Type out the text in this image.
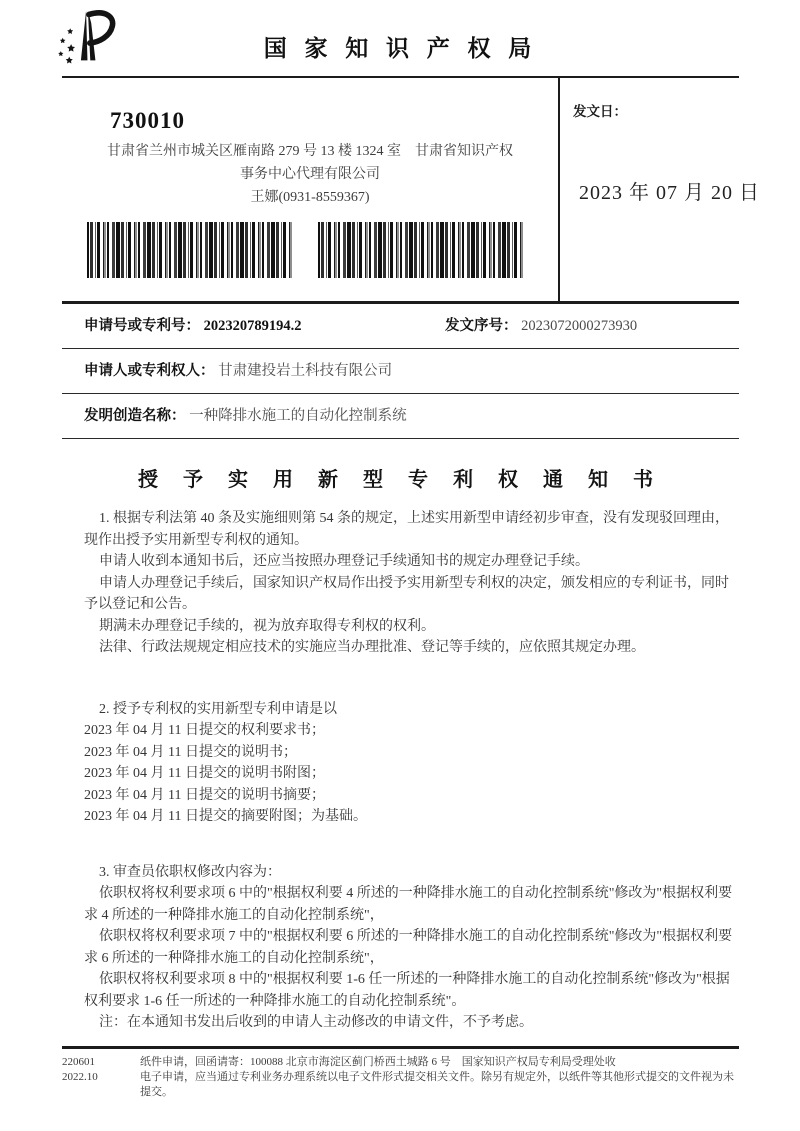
国 家 知 识 产 权 局
730010
甘肃省兰州市城关区雁南路 279 号 13 楼 1324 室　甘肃省知识产权
事务中心代理有限公司
王娜(0931-8559367)
发文日：
2023 年 07 月 20 日
申请号或专利号： 202320789194.2	发文序号： 2023072000273930
申请人或专利权人： 甘肃建投岩土科技有限公司
发明创造名称： 一种降排水施工的自动化控制系统
授 予 实 用 新 型 专 利 权 通 知 书

1. 根据专利法第 40 条及实施细则第 54 条的规定，上述实用新型申请经初步审查，没有发现驳回理由，现作出授予实用新型专利权的通知。

申请人收到本通知书后，还应当按照办理登记手续通知书的规定办理登记手续。

申请人办理登记手续后，国家知识产权局作出授予实用新型专利权的决定，颁发相应的专利证书，同时予以登记和公告。

期满未办理登记手续的，视为放弃取得专利权的权利。

法律、行政法规规定相应技术的实施应当办理批准、登记等手续的，应依照其规定办理。

2. 授予专利权的实用新型专利申请是以

2023 年 04 月 11 日提交的权利要求书；

2023 年 04 月 11 日提交的说明书；

2023 年 04 月 11 日提交的说明书附图；

2023 年 04 月 11 日提交的说明书摘要；

2023 年 04 月 11 日提交的摘要附图；为基础。

3. 审查员依职权修改内容为：

依职权将权利要求项 6 中的"根据权利要 4 所述的一种降排水施工的自动化控制系统"修改为"根据权利要求 4 所述的一种降排水施工的自动化控制系统"，

依职权将权利要求项 7 中的"根据权利要 6 所述的一种降排水施工的自动化控制系统"修改为"根据权利要求 6 所述的一种降排水施工的自动化控制系统"，

依职权将权利要求项 8 中的"根据权利要 1-6 任一所述的一种降排水施工的自动化控制系统"修改为"根据权利要求 1-6 任一所述的一种降排水施工的自动化控制系统"。

注：在本通知书发出后收到的申请人主动修改的申请文件，不予考虑。

220601
2022.10
纸件申请，回函请寄：100088 北京市海淀区蓟门桥西土城路 6 号　国家知识产权局专利局受理处收
电子申请，应当通过专利业务办理系统以电子文件形式提交相关文件。除另有规定外，以纸件等其他形式提交的文件视为未提交。
